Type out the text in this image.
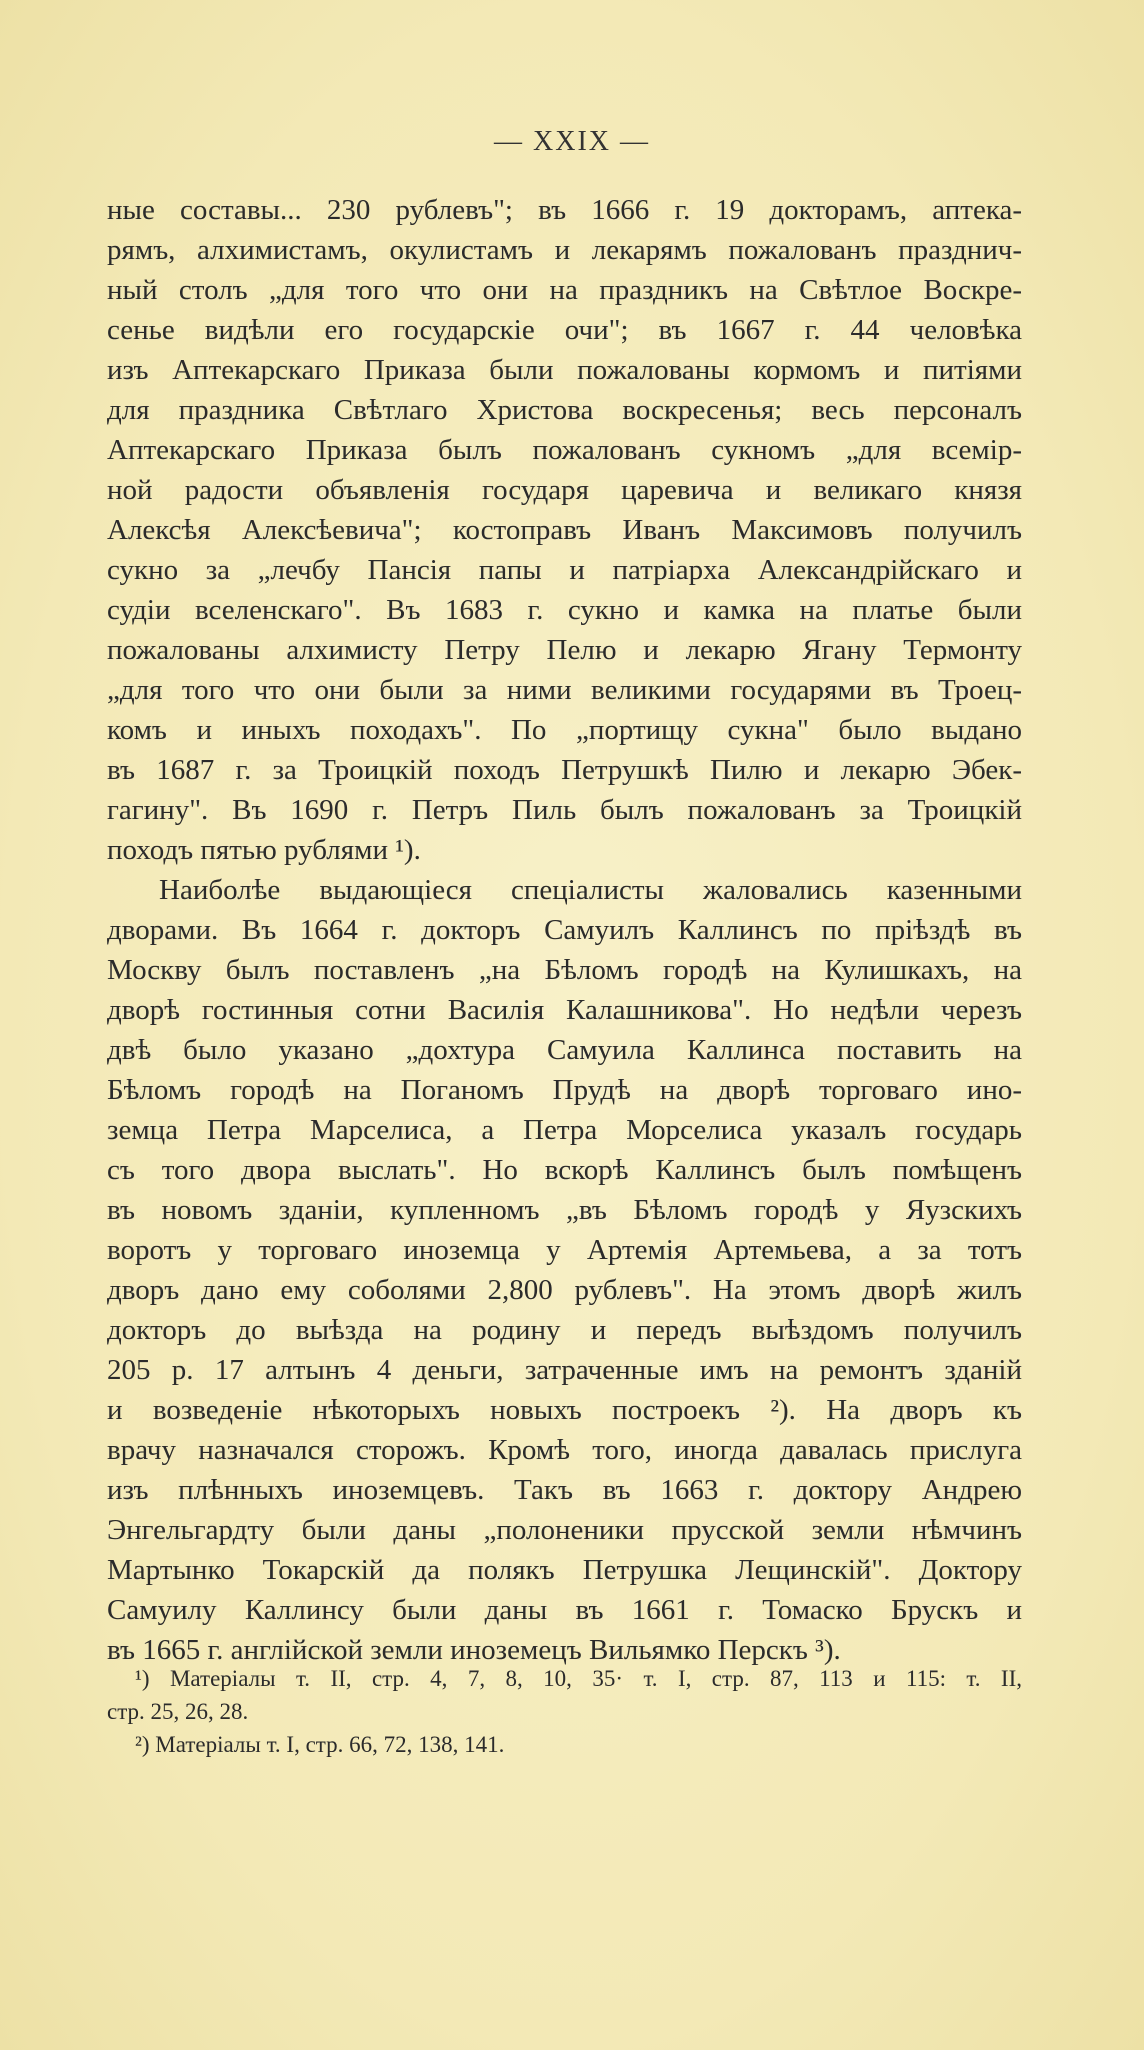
— XXIX —
ные составы... 230 рублевъ"; въ 1666 г. 19 докторамъ, аптека-
рямъ, алхимистамъ, окулистамъ и лекарямъ пожалованъ празднич-
ный столъ „для того что они на праздникъ на Свѣтлое Воскре-
сенье видѣли его государскіе очи"; въ 1667 г. 44 человѣка
изъ Аптекарскаго Приказа были пожалованы кормомъ и питіями
для праздника Свѣтлаго Христова воскресенья; весь персоналъ
Аптекарскаго Приказа былъ пожалованъ сукномъ „для всемір-
ной радости объявленія государя царевича и великаго князя
Алексѣя Алексѣевича"; костоправъ Иванъ Максимовъ получилъ
сукно за „лечбу Пансія папы и патріарха Александрійскаго и
судіи вселенскаго". Въ 1683 г. сукно и камка на платье были
пожалованы алхимисту Петру Пелю и лекарю Ягану Термонту
„для того что они были за ними великими государями въ Троец-
комъ и иныхъ походахъ". По „портищу сукна" было выдано
въ 1687 г. за Троицкій походъ Петрушкѣ Пилю и лекарю Эбек-
гагину". Въ 1690 г. Петръ Пиль былъ пожалованъ за Троицкій
походъ пятью рублями ¹).
Наиболѣе выдающіеся спеціалисты жаловались казенными
дворами. Въ 1664 г. докторъ Самуилъ Каллинсъ по пріѣздѣ въ
Москву былъ поставленъ „на Бѣломъ городѣ на Кулишкахъ, на
дворѣ гостинныя сотни Василія Калашникова". Но недѣли черезъ
двѣ было указано „дохтура Самуила Каллинса поставить на
Бѣломъ городѣ на Поганомъ Прудѣ на дворѣ торговаго ино-
земца Петра Марселиса, а Петра Морселиса указалъ государь
съ того двора выслать". Но вскорѣ Каллинсъ былъ помѣщенъ
въ новомъ зданіи, купленномъ „въ Бѣломъ городѣ у Яузскихъ
воротъ у торговаго иноземца у Артемія Артемьева, а за тотъ
дворъ дано ему соболями 2,800 рублевъ". На этомъ дворѣ жилъ
докторъ до выѣзда на родину и передъ выѣздомъ получилъ
205 р. 17 алтынъ 4 деньги, затраченные имъ на ремонтъ зданій
и возведеніе нѣкоторыхъ новыхъ построекъ ²). На дворъ къ
врачу назначался сторожъ. Кромѣ того, иногда давалась прислуга
изъ плѣнныхъ иноземцевъ. Такъ въ 1663 г. доктору Андрею
Энгельгардту были даны „полоненики прусской земли нѣмчинъ
Мартынко Токарскій да полякъ Петрушка Лещинскій". Доктору
Самуилу Каллинсу были даны въ 1661 г. Томаско Брускъ и
въ 1665 г. англійской земли иноземецъ Вильямко Перскъ ³).
¹) Матеріалы т. II, стр. 4, 7, 8, 10, 35· т. I, стр. 87, 113 и 115: т. II,
стр. 25, 26, 28.
²) Матеріалы т. I, стр. 66, 72, 138, 141.
